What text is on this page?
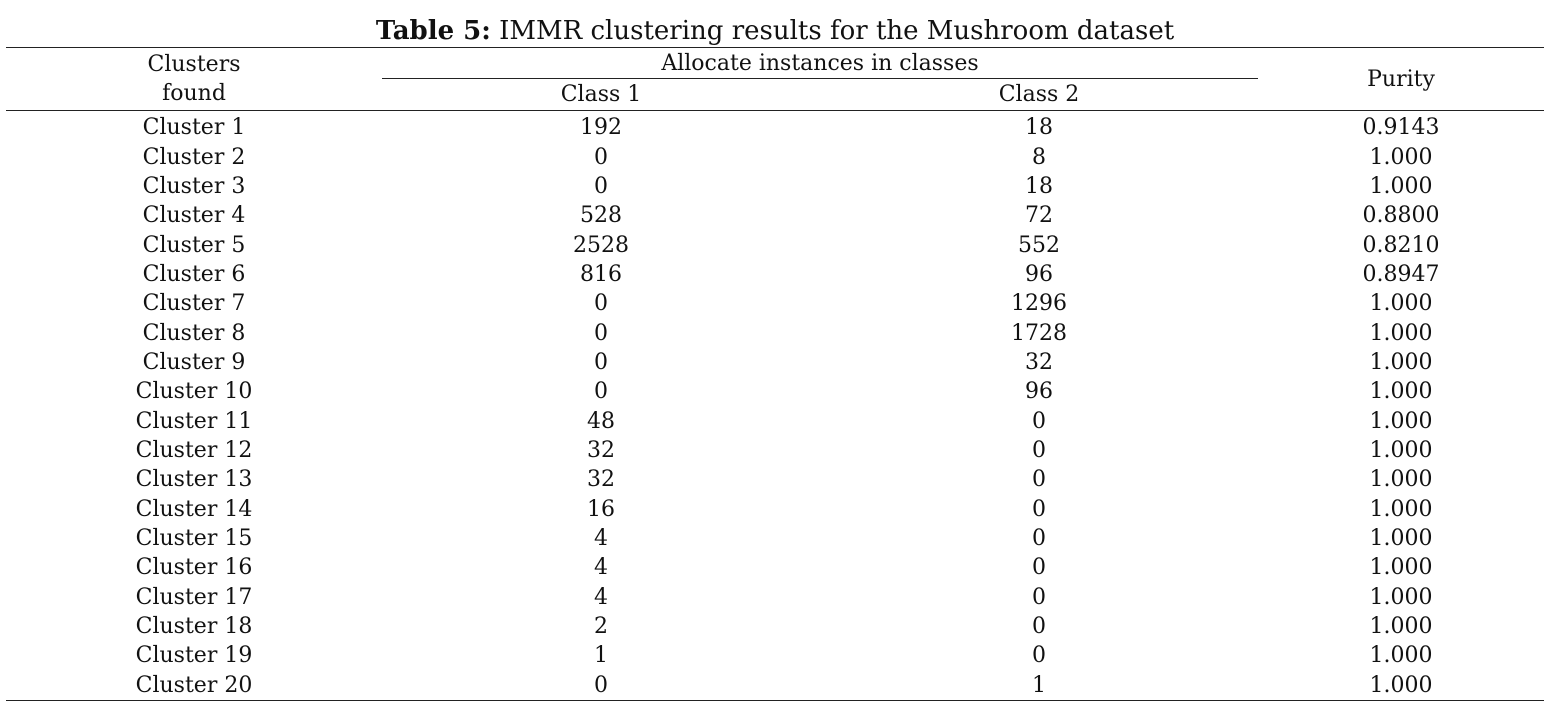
Table 5: IMMR clustering results for the Mushroom dataset
Clusters
found	Allocate instances in classes		Purity
	Class 1	Class 2	
Cluster 1	192	18	0.9143
Cluster 2	0	8	1.000
Cluster 3	0	18	1.000
Cluster 4	528	72	0.8800
Cluster 5	2528	552	0.8210
Cluster 6	816	96	0.8947
Cluster 7	0	1296	1.000
Cluster 8	0	1728	1.000
Cluster 9	0	32	1.000
Cluster 10	0	96	1.000
Cluster 11	48	0	1.000
Cluster 12	32	0	1.000
Cluster 13	32	0	1.000
Cluster 14	16	0	1.000
Cluster 15	4	0	1.000
Cluster 16	4	0	1.000
Cluster 17	4	0	1.000
Cluster 18	2	0	1.000
Cluster 19	1	0	1.000
Cluster 20	0	1	1.000
